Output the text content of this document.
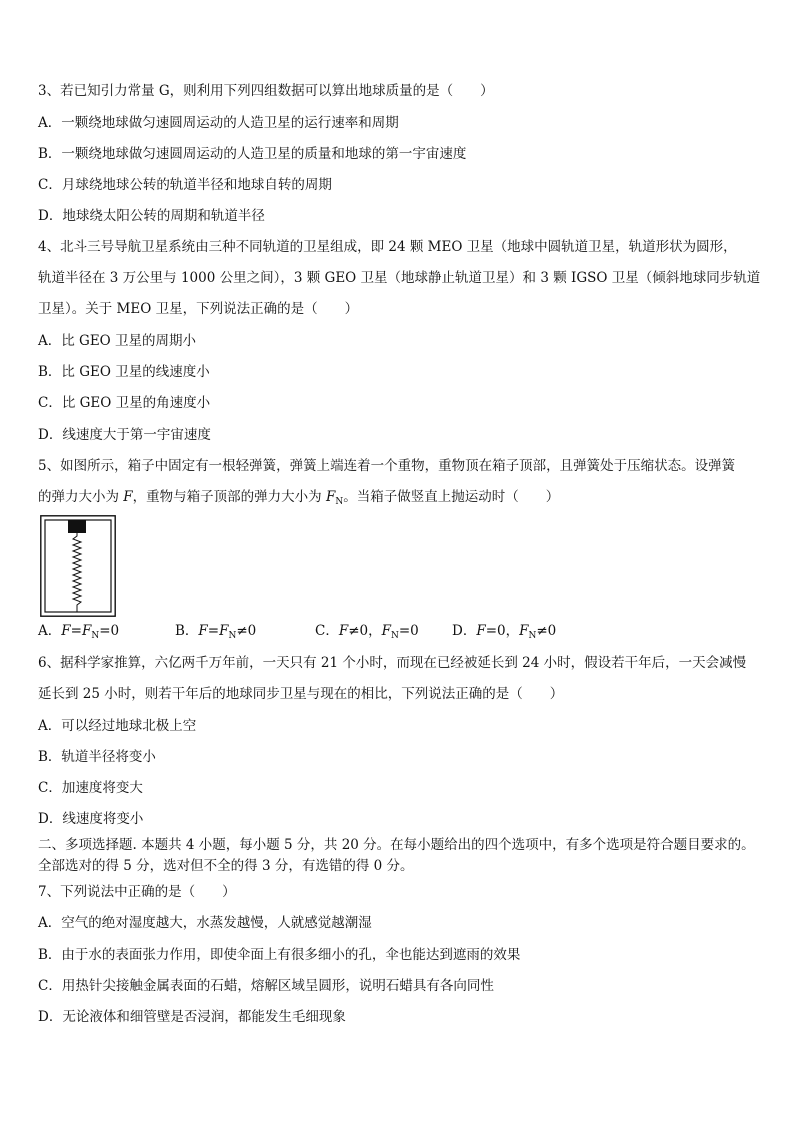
3、若已知引力常量 G，则利用下列四组数据可以算出地球质量的是（　　）
A．一颗绕地球做匀速圆周运动的人造卫星的运行速率和周期
B．一颗绕地球做匀速圆周运动的人造卫星的质量和地球的第一宇宙速度
C．月球绕地球公转的轨道半径和地球自转的周期
D．地球绕太阳公转的周期和轨道半径
4、北斗三号导航卫星系统由三种不同轨道的卫星组成，即 24 颗 MEO 卫星（地球中圆轨道卫星，轨道形状为圆形，
轨道半径在 3 万公里与 1000 公里之间），3 颗 GEO 卫星（地球静止轨道卫星）和 3 颗 IGSO 卫星（倾斜地球同步轨道
卫星）。关于 MEO 卫星，下列说法正确的是（　　）
A．比 GEO 卫星的周期小
B．比 GEO 卫星的线速度小
C．比 GEO 卫星的角速度小
D．线速度大于第一宇宙速度
5、如图所示，箱子中固定有一根轻弹簧，弹簧上端连着一个重物，重物顶在箱子顶部，且弹簧处于压缩状态。设弹簧
的弹力大小为 F，重物与箱子顶部的弹力大小为 $F_N$。当箱子做竖直上抛运动时（　　）
A．$F=F_N=0$	B．$F=F_N\ne 0$	C．F≠0，$F_N=0$ D．F=0，$F_N\ne 0$
6、据科学家推算，六亿两千万年前，一天只有 21 个小时，而现在已经被延长到 24 小时，假设若干年后，一天会减慢
延长到 25 小时，则若干年后的地球同步卫星与现在的相比，下列说法正确的是（　　）
A．可以经过地球北极上空
B．轨道半径将变小
C．加速度将变大
D．线速度将变小
二、多项选择题. 本题共 4 小题，每小题 5 分，共 20 分。在每小题给出的四个选项中，有多个选项是符合题目要求的。
全部选对的得 5 分，选对但不全的得 3 分，有选错的得 0 分。
7、下列说法中正确的是（　　）
A．空气的绝对湿度越大，水蒸发越慢，人就感觉越潮湿
B．由于水的表面张力作用，即使伞面上有很多细小的孔，伞也能达到遮雨的效果
C．用热针尖接触金属表面的石蜡，熔解区域呈圆形，说明石蜡具有各向同性
D．无论液体和细管壁是否浸润，都能发生毛细现象
